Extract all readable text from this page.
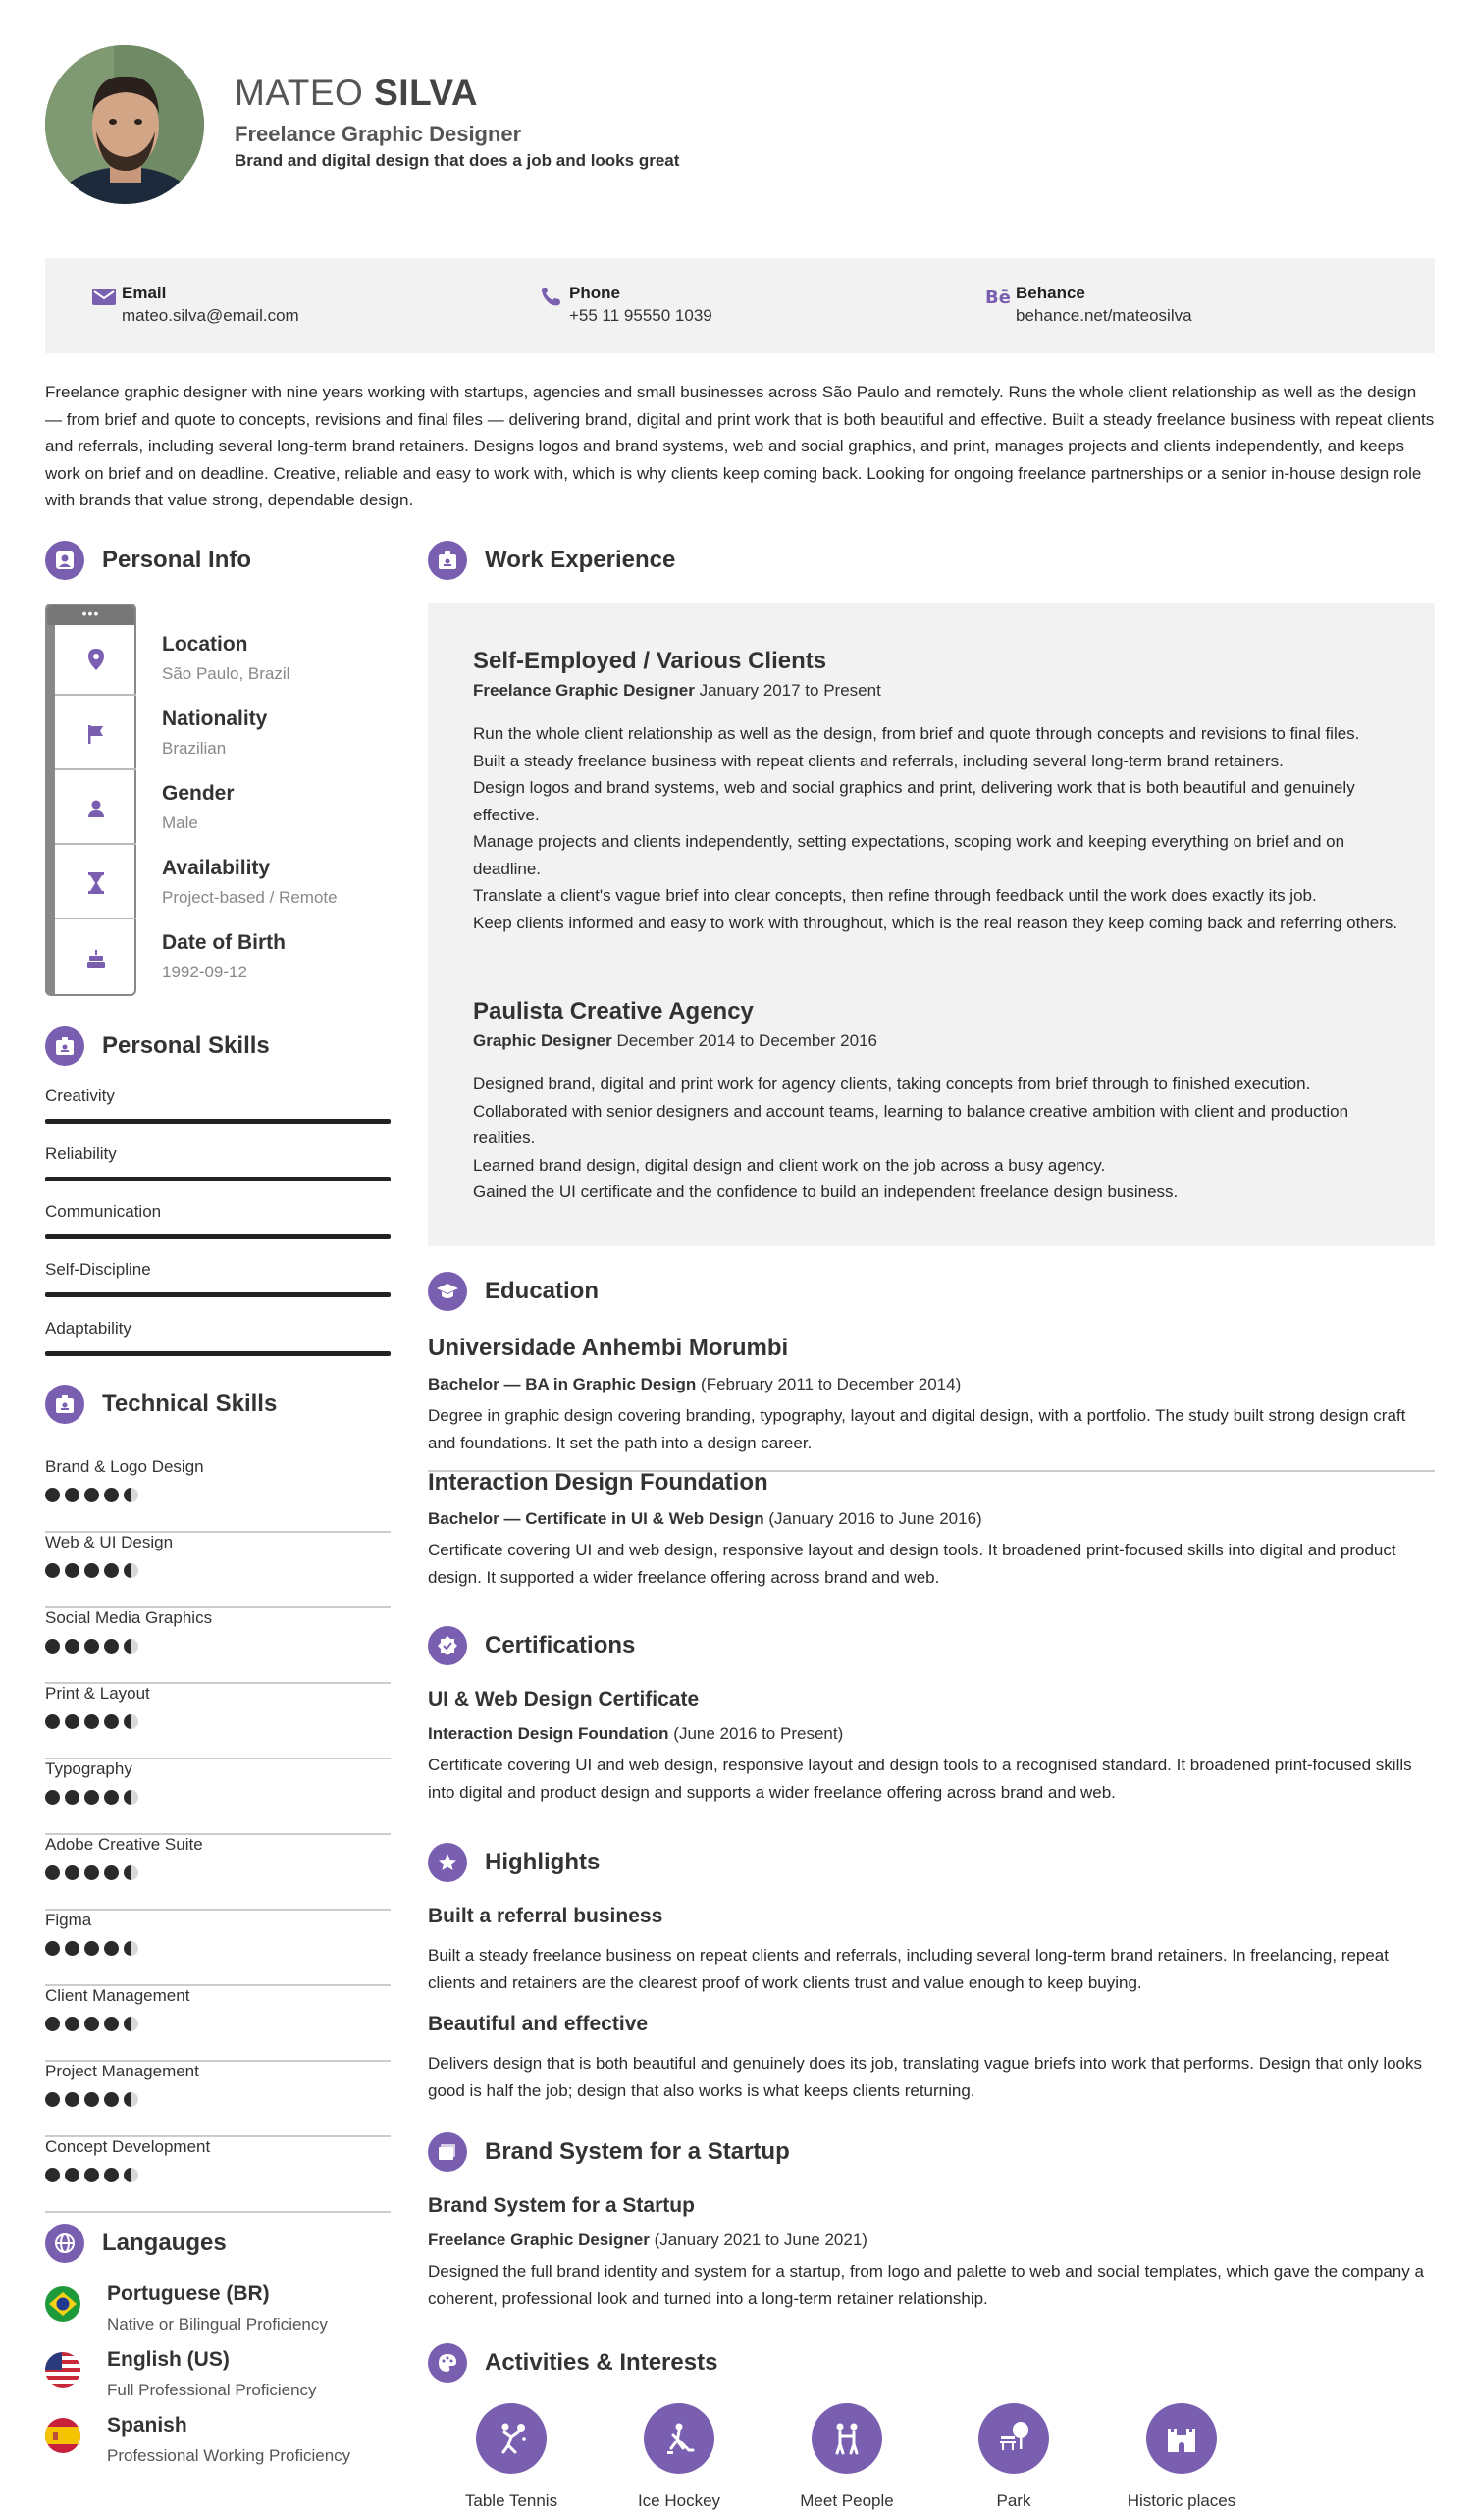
MATEO SILVA
Freelance Graphic Designer
Brand and digital design that does a job and looks great
Email
mateo.silva@email.com
Phone
+55 11 95550 1039
Bē Behance
behance.net/mateosilva
Freelance graphic designer with nine years working with startups, agencies and small businesses across São Paulo and remotely. Runs the whole client relationship as well as the design — from brief and quote to concepts, revisions and final files — delivering brand, digital and print work that is both beautiful and effective. Built a steady freelance business with repeat clients and referrals, including several long-term brand retainers. Designs logos and brand systems, web and social graphics, and print, manages projects and clients independently, and keeps work on brief and on deadline. Creative, reliable and easy to work with, which is why clients keep coming back. Looking for ongoing freelance partnerships or a senior in-house design role with brands that value strong, dependable design.
Personal Info
•••
Location
São Paulo, Brazil
Nationality
Brazilian
Gender
Male
Availability
Project-based / Remote
Date of Birth
1992-09-12
Personal Skills
Creativity
Reliability
Communication
Self-Discipline
Adaptability
Technical Skills
Brand & Logo Design
Web & UI Design
Social Media Graphics
Print & Layout
Typography
Adobe Creative Suite
Figma
Client Management
Project Management
Concept Development
Langauges
Portuguese (BR)
Native or Bilingual Proficiency
English (US)
Full Professional Proficiency
Spanish
Professional Working Proficiency
Work Experience
Self-Employed / Various Clients
Freelance Graphic Designer January 2017 to Present
Run the whole client relationship as well as the design, from brief and quote through concepts and revisions to final files.
Built a steady freelance business with repeat clients and referrals, including several long-term brand retainers.
Design logos and brand systems, web and social graphics and print, delivering work that is both beautiful and genuinely effective.
Manage projects and clients independently, setting expectations, scoping work and keeping everything on brief and on deadline.
Translate a client's vague brief into clear concepts, then refine through feedback until the work does exactly its job.
Keep clients informed and easy to work with throughout, which is the real reason they keep coming back and referring others.
Paulista Creative Agency
Graphic Designer December 2014 to December 2016
Designed brand, digital and print work for agency clients, taking concepts from brief through to finished execution.
Collaborated with senior designers and account teams, learning to balance creative ambition with client and production realities.
Learned brand design, digital design and client work on the job across a busy agency.
Gained the UI certificate and the confidence to build an independent freelance design business.
Education
Universidade Anhembi Morumbi
Bachelor — BA in Graphic Design (February 2011 to December 2014)
Degree in graphic design covering branding, typography, layout and digital design, with a portfolio. The study built strong design craft and foundations. It set the path into a design career.
Interaction Design Foundation
Bachelor — Certificate in UI & Web Design (January 2016 to June 2016)
Certificate covering UI and web design, responsive layout and design tools. It broadened print-focused skills into digital and product design. It supported a wider freelance offering across brand and web.
Certifications
UI & Web Design Certificate
Interaction Design Foundation (June 2016 to Present)
Certificate covering UI and web design, responsive layout and design tools to a recognised standard. It broadened print-focused skills into digital and product design and supports a wider freelance offering across brand and web.
Highlights
Built a referral business
Built a steady freelance business on repeat clients and referrals, including several long-term brand retainers. In freelancing, repeat clients and retainers are the clearest proof of work clients trust and value enough to keep buying.
Beautiful and effective
Delivers design that is both beautiful and genuinely does its job, translating vague briefs into work that performs. Design that only looks good is half the job; design that also works is what keeps clients returning.
Brand System for a Startup
Brand System for a Startup
Freelance Graphic Designer (January 2021 to June 2021)
Designed the full brand identity and system for a startup, from logo and palette to web and social templates, which gave the company a coherent, professional look and turned into a long-term retainer relationship.
Activities & Interests
Table Tennis	Ice Hockey	Meet People	Park	Historic places
